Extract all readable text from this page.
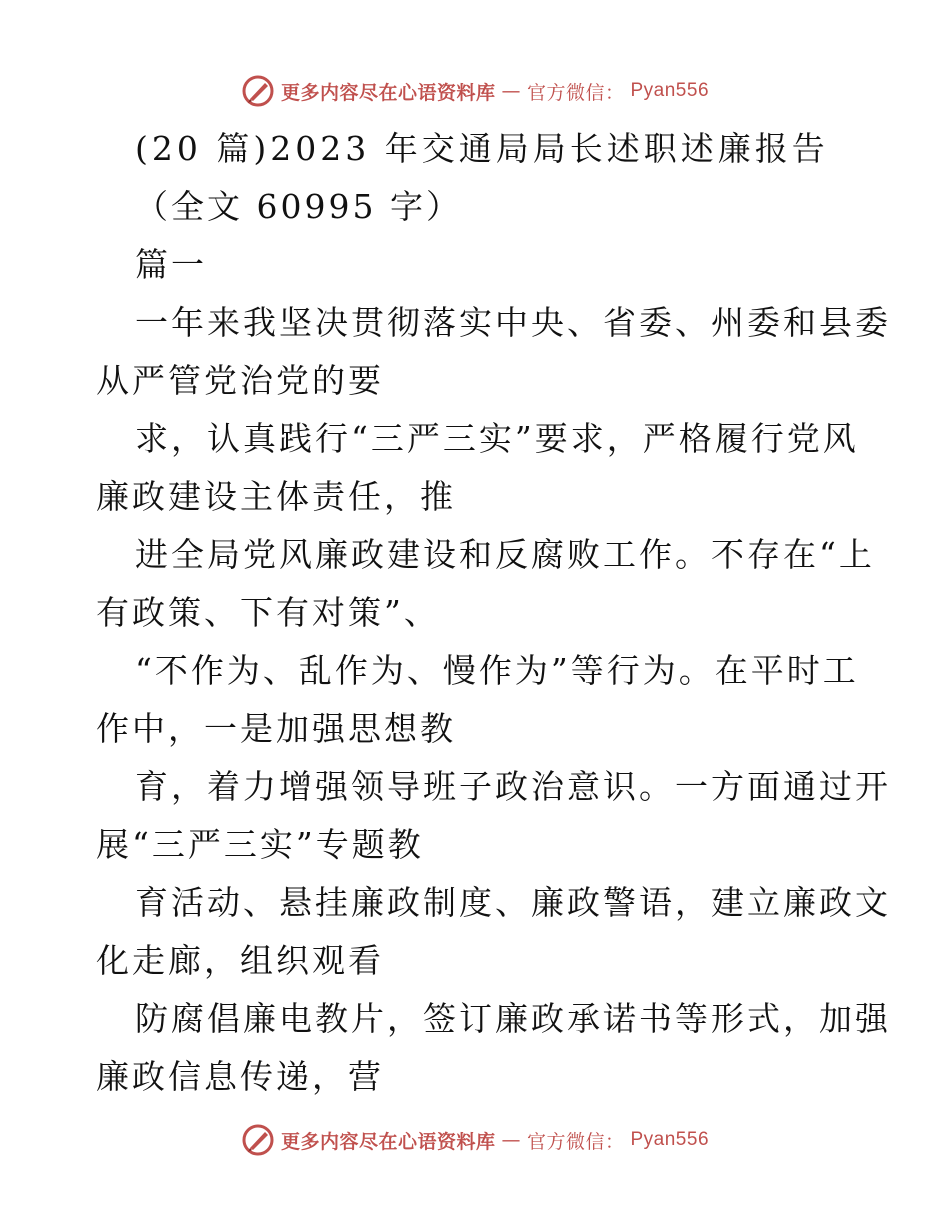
更多内容尽在心语资料库 — 官方微信： Pyan556
(20 篇)2023 年交通局局长述职述廉报告
（全文 60995 字）
篇一
一年来我坚决贯彻落实中央、省委、州委和县委
从严管党治党的要
求，认真践行“三严三实”要求，严格履行党风
廉政建设主体责任，推
进全局党风廉政建设和反腐败工作。不存在“上
有政策、下有对策”、
“不作为、乱作为、慢作为”等行为。在平时工
作中，一是加强思想教
育，着力增强领导班子政治意识。一方面通过开
展“三严三实”专题教
育活动、悬挂廉政制度、廉政警语，建立廉政文
化走廊，组织观看
防腐倡廉电教片，签订廉政承诺书等形式，加强
廉政信息传递，营
更多内容尽在心语资料库 — 官方微信： Pyan556
